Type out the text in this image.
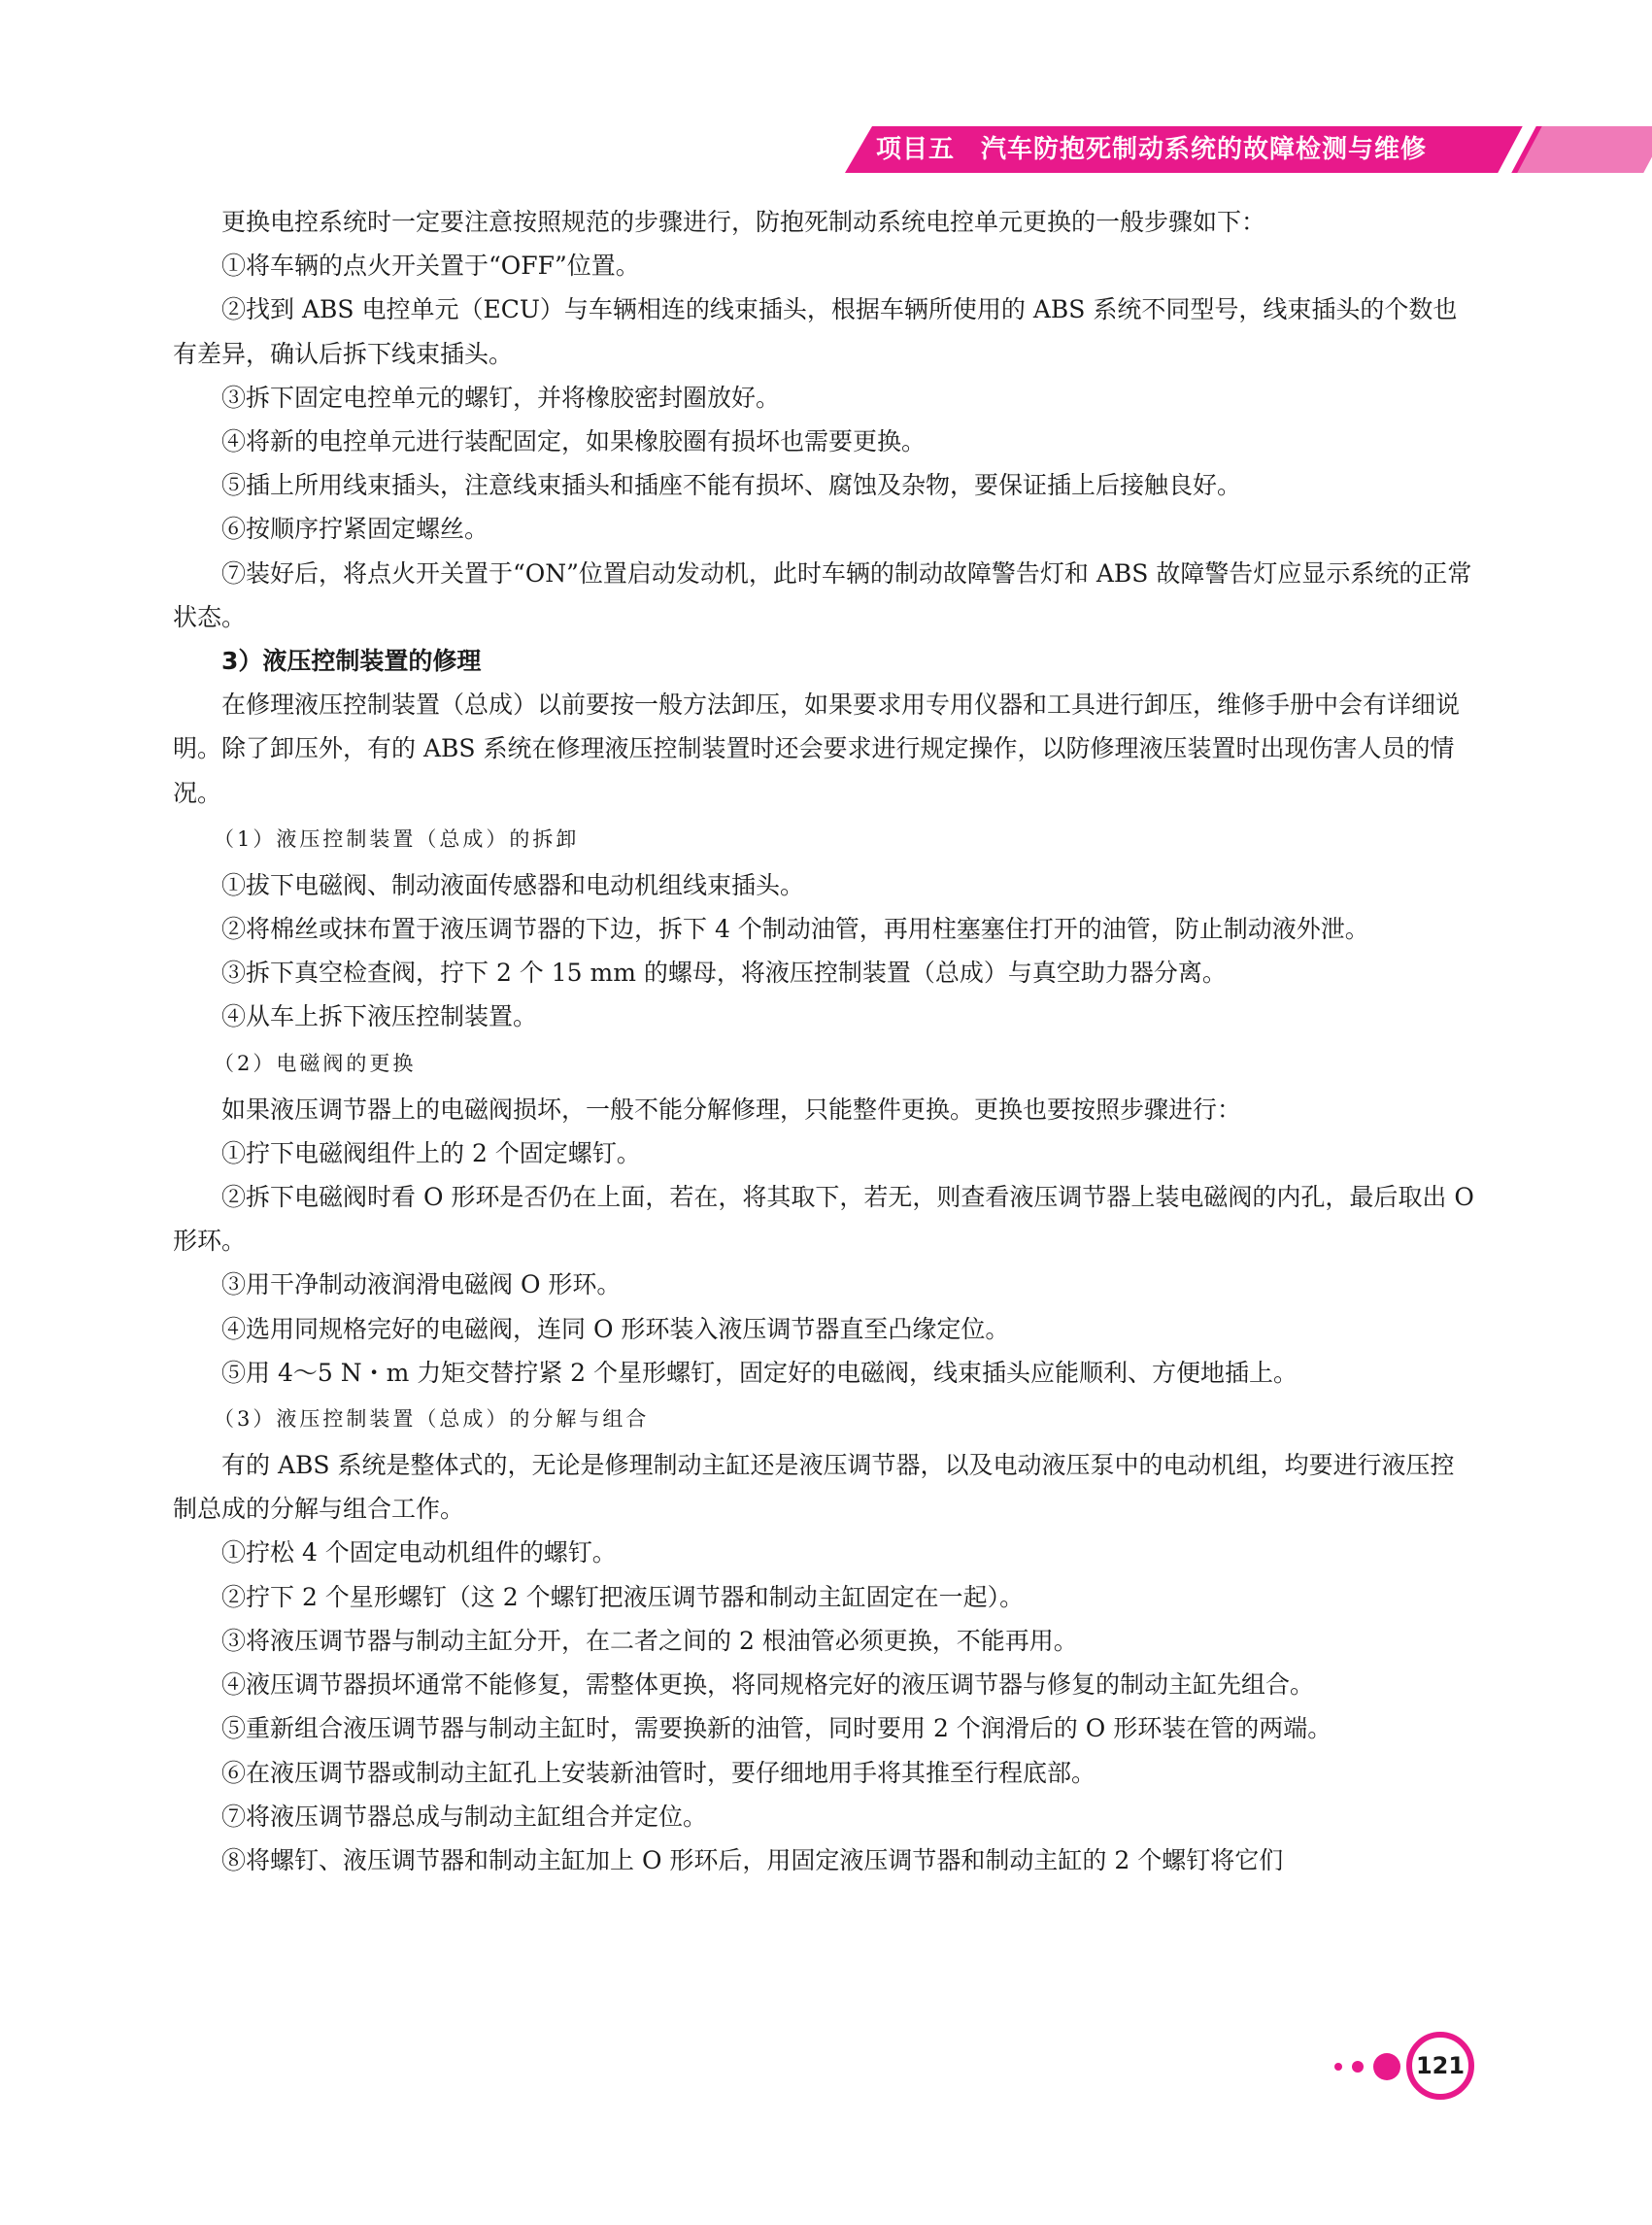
项目五　汽车防抱死制动系统的故障检测与维修

更换电控系统时一定要注意按照规范的步骤进行，防抱死制动系统电控单元更换的一般步骤如下：

①将车辆的点火开关置于“OFF”位置。

②找到 ABS 电控单元（ECU）与车辆相连的线束插头，根据车辆所使用的 ABS 系统不同型号，线束插头的个数也有差异，确认后拆下线束插头。

③拆下固定电控单元的螺钉，并将橡胶密封圈放好。

④将新的电控单元进行装配固定，如果橡胶圈有损坏也需要更换。

⑤插上所用线束插头，注意线束插头和插座不能有损坏、腐蚀及杂物，要保证插上后接触良好。

⑥按顺序拧紧固定螺丝。

⑦装好后，将点火开关置于“ON”位置启动发动机，此时车辆的制动故障警告灯和 ABS 故障警告灯应显示系统的正常状态。

3）液压控制装置的修理

在修理液压控制装置（总成）以前要按一般方法卸压，如果要求用专用仪器和工具进行卸压，维修手册中会有详细说明。除了卸压外，有的 ABS 系统在修理液压控制装置时还会要求进行规定操作，以防修理液压装置时出现伤害人员的情况。

（1）液压控制装置（总成）的拆卸

①拔下电磁阀、制动液面传感器和电动机组线束插头。

②将棉丝或抹布置于液压调节器的下边，拆下 4 个制动油管，再用柱塞塞住打开的油管，防止制动液外泄。

③拆下真空检查阀，拧下 2 个 15 mm 的螺母，将液压控制装置（总成）与真空助力器分离。

④从车上拆下液压控制装置。

（2）电磁阀的更换

如果液压调节器上的电磁阀损坏，一般不能分解修理，只能整件更换。更换也要按照步骤进行：

①拧下电磁阀组件上的 2 个固定螺钉。

②拆下电磁阀时看 O 形环是否仍在上面，若在，将其取下，若无，则查看液压调节器上装电磁阀的内孔，最后取出 O 形环。

③用干净制动液润滑电磁阀 O 形环。

④选用同规格完好的电磁阀，连同 O 形环装入液压调节器直至凸缘定位。

⑤用 4～5 N・m 力矩交替拧紧 2 个星形螺钉，固定好的电磁阀，线束插头应能顺利、方便地插上。

（3）液压控制装置（总成）的分解与组合

有的 ABS 系统是整体式的，无论是修理制动主缸还是液压调节器，以及电动液压泵中的电动机组，均要进行液压控制总成的分解与组合工作。

①拧松 4 个固定电动机组件的螺钉。

②拧下 2 个星形螺钉（这 2 个螺钉把液压调节器和制动主缸固定在一起）。

③将液压调节器与制动主缸分开，在二者之间的 2 根油管必须更换，不能再用。

④液压调节器损坏通常不能修复，需整体更换，将同规格完好的液压调节器与修复的制动主缸先组合。

⑤重新组合液压调节器与制动主缸时，需要换新的油管，同时要用 2 个润滑后的 O 形环装在管的两端。

⑥在液压调节器或制动主缸孔上安装新油管时，要仔细地用手将其推至行程底部。

⑦将液压调节器总成与制动主缸组合并定位。

⑧将螺钉、液压调节器和制动主缸加上 O 形环后，用固定液压调节器和制动主缸的 2 个螺钉将它们

121
